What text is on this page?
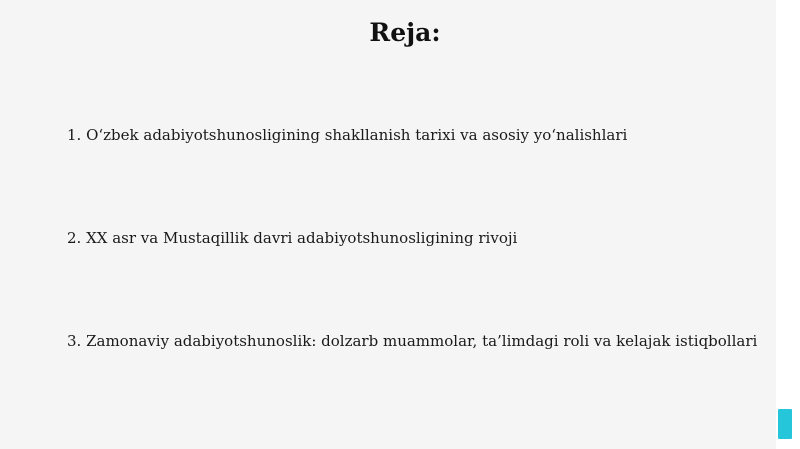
Reja:

1. O‘zbek adabiyotshunosligining shakllanish tarixi va asosiy yo‘nalishlari

2. XX asr va Mustaqillik davri adabiyotshunosligining rivoji

3. Zamonaviy adabiyotshunoslik: dolzarb muammolar, ta’limdagi roli va kelajak istiqbollari
